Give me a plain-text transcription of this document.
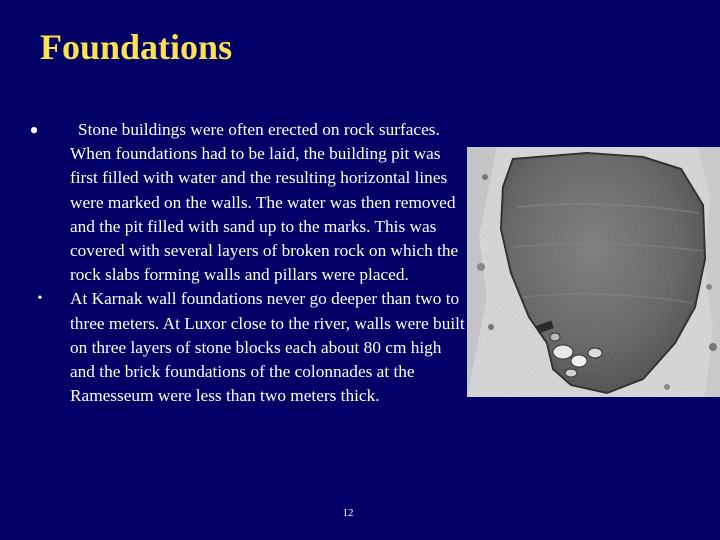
Foundations
•	Stone buildings were often erected on rock surfaces. When foundations had to be laid, the building pit was first filled with water and the resulting horizontal lines were marked on the walls. The water was then removed and the pit filled with sand up to the marks. This was covered with several layers of broken rock on which the rock slabs forming walls and pillars were placed.
•	At Karnak wall foundations never go deeper than two to three meters. At Luxor close to the river, walls were built on three layers of stone blocks each about 80 cm high and the brick foundations of the colonnades at the Ramesseum were less than two meters thick.
12
